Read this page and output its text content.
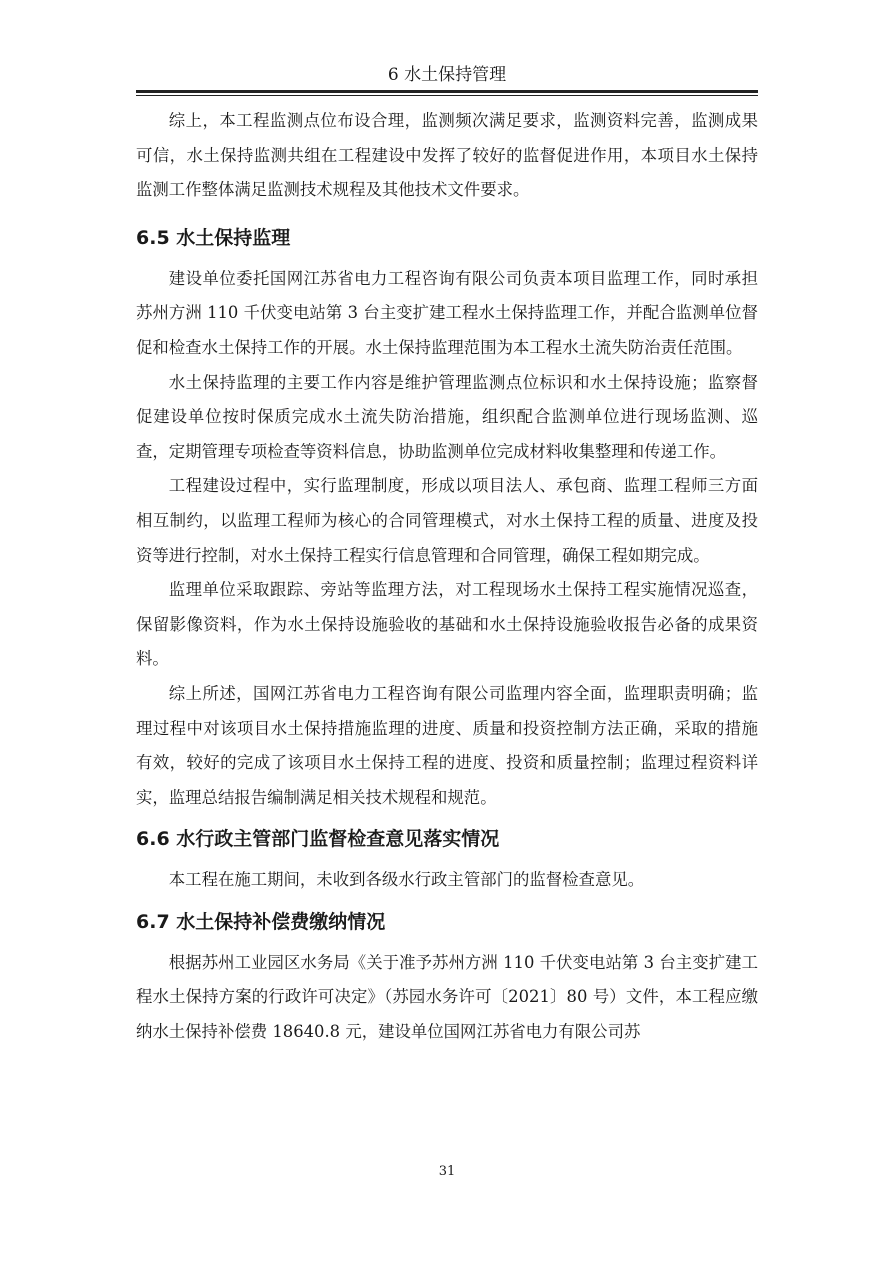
6 水土保持管理

综上，本工程监测点位布设合理，监测频次满足要求，监测资料完善，监测成果可信，水土保持监测共组在工程建设中发挥了较好的监督促进作用，本项目水土保持监测工作整体满足监测技术规程及其他技术文件要求。

6.5 水土保持监理

建设单位委托国网江苏省电力工程咨询有限公司负责本项目监理工作，同时承担苏州方洲 110 千伏变电站第 3 台主变扩建工程水土保持监理工作，并配合监测单位督促和检查水土保持工作的开展。水土保持监理范围为本工程水土流失防治责任范围。

水土保持监理的主要工作内容是维护管理监测点位标识和水土保持设施；监察督促建设单位按时保质完成水土流失防治措施，组织配合监测单位进行现场监测、巡查，定期管理专项检查等资料信息，协助监测单位完成材料收集整理和传递工作。

工程建设过程中，实行监理制度，形成以项目法人、承包商、监理工程师三方面相互制约，以监理工程师为核心的合同管理模式，对水土保持工程的质量、进度及投资等进行控制，对水土保持工程实行信息管理和合同管理，确保工程如期完成。

监理单位采取跟踪、旁站等监理方法，对工程现场水土保持工程实施情况巡查，保留影像资料，作为水土保持设施验收的基础和水土保持设施验收报告必备的成果资料。

综上所述，国网江苏省电力工程咨询有限公司监理内容全面，监理职责明确；监理过程中对该项目水土保持措施监理的进度、质量和投资控制方法正确，采取的措施有效，较好的完成了该项目水土保持工程的进度、投资和质量控制；监理过程资料详实，监理总结报告编制满足相关技术规程和规范。

6.6 水行政主管部门监督检查意见落实情况

本工程在施工期间，未收到各级水行政主管部门的监督检查意见。

6.7 水土保持补偿费缴纳情况

根据苏州工业园区水务局《关于准予苏州方洲 110 千伏变电站第 3 台主变扩建工程水土保持方案的行政许可决定》（苏园水务许可〔2021〕80 号）文件，本工程应缴纳水土保持补偿费 18640.8 元，建设单位国网江苏省电力有限公司苏

31
